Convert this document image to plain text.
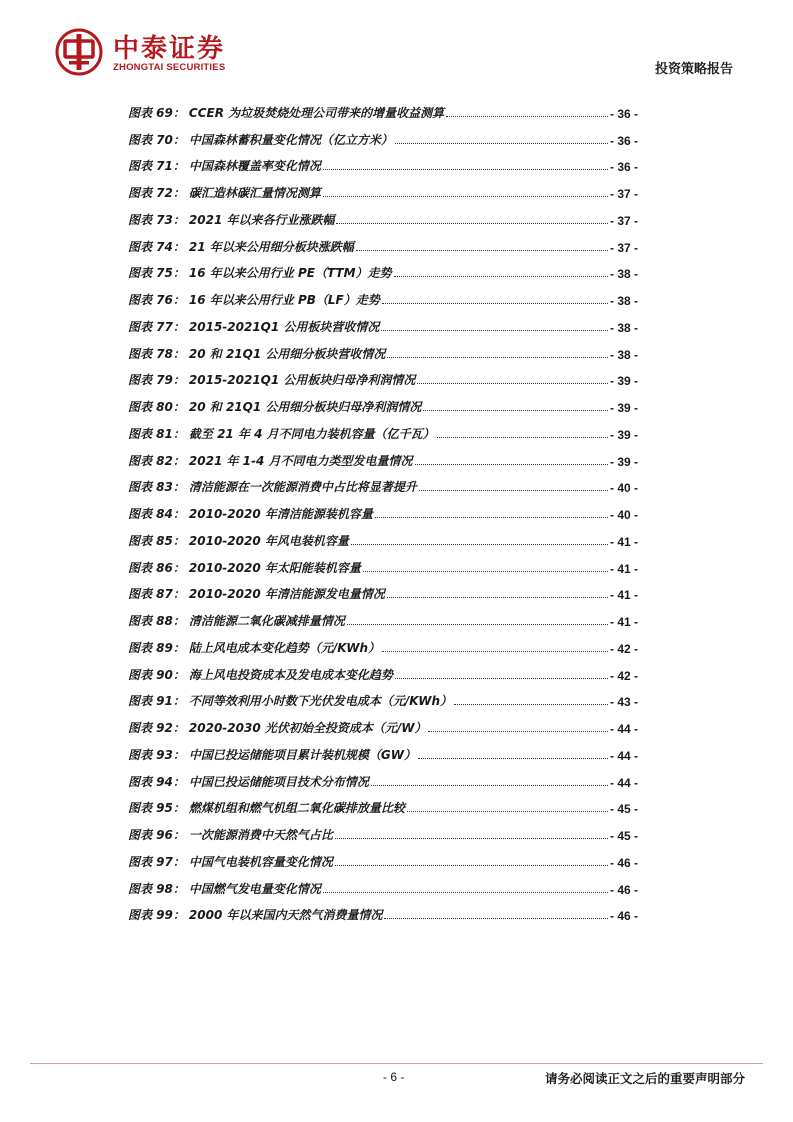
中泰证券
ZHONGTAI SECURITIES	投资策略报告
图表 69： CCER 为垃圾焚烧处理公司带来的增量收益测算	- 36 -
图表 70： 中国森林蓄积量变化情况（亿立方米）	- 36 -
图表 71： 中国森林覆盖率变化情况	- 36 -
图表 72： 碳汇造林碳汇量情况测算	- 37 -
图表 73： 2021 年以来各行业涨跌幅	- 37 -
图表 74： 21 年以来公用细分板块涨跌幅	- 37 -
图表 75： 16 年以来公用行业 PE（TTM）走势	- 38 -
图表 76： 16 年以来公用行业 PB（LF）走势	- 38 -
图表 77： 2015-2021Q1 公用板块营收情况	- 38 -
图表 78： 20 和 21Q1 公用细分板块营收情况	- 38 -
图表 79： 2015-2021Q1 公用板块归母净利润情况	- 39 -
图表 80： 20 和 21Q1 公用细分板块归母净利润情况	- 39 -
图表 81： 截至 21 年 4 月不同电力装机容量（亿千瓦）	- 39 -
图表 82： 2021 年 1-4 月不同电力类型发电量情况	- 39 -
图表 83： 清洁能源在一次能源消费中占比将显著提升	- 40 -
图表 84： 2010-2020 年清洁能源装机容量	- 40 -
图表 85： 2010-2020 年风电装机容量	- 41 -
图表 86： 2010-2020 年太阳能装机容量	- 41 -
图表 87： 2010-2020 年清洁能源发电量情况	- 41 -
图表 88： 清洁能源二氧化碳减排量情况	- 41 -
图表 89： 陆上风电成本变化趋势（元/KWh）	- 42 -
图表 90： 海上风电投资成本及发电成本变化趋势	- 42 -
图表 91： 不同等效利用小时数下光伏发电成本（元/KWh）	- 43 -
图表 92： 2020-2030 光伏初始全投资成本（元/W）	- 44 -
图表 93： 中国已投运储能项目累计装机规模（GW）	- 44 -
图表 94： 中国已投运储能项目技术分布情况	- 44 -
图表 95： 燃煤机组和燃气机组二氧化碳排放量比较	- 45 -
图表 96： 一次能源消费中天然气占比	- 45 -
图表 97： 中国气电装机容量变化情况	- 46 -
图表 98： 中国燃气发电量变化情况	- 46 -
图表 99： 2000 年以来国内天然气消费量情况	- 46 -
- 6 -	请务必阅读正文之后的重要声明部分
